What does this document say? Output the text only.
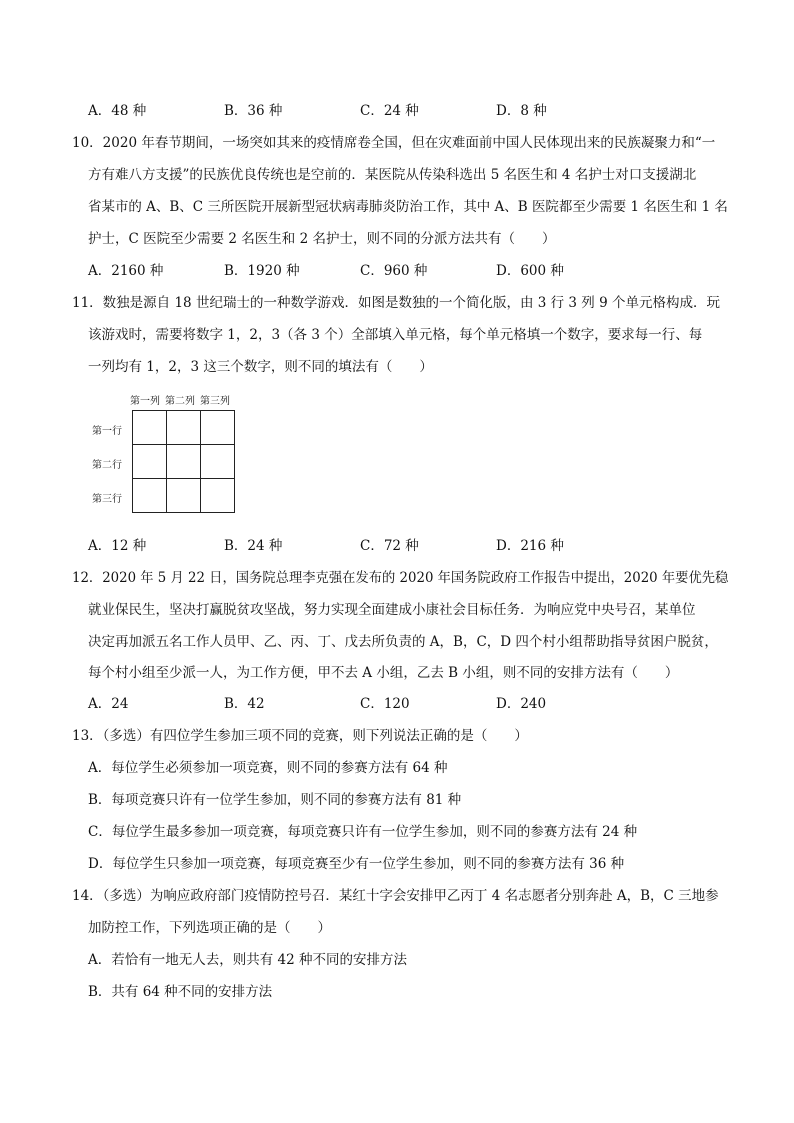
A．48 种	B．36 种	C．24 种	D．8 种
10．2020 年春节期间，一场突如其来的疫情席卷全国，但在灾难面前中国人民体现出来的民族凝聚力和“一
方有难八方支援”的民族优良传统也是空前的．某医院从传染科选出 5 名医生和 4 名护士对口支援湖北
省某市的 A、B、C 三所医院开展新型冠状病毒肺炎防治工作，其中 A、B 医院都至少需要 1 名医生和 1 名
护士，C 医院至少需要 2 名医生和 2 名护士，则不同的分派方法共有（　　）
A．2160 种	B．1920 种	C．960 种	D．600 种
11．数独是源自 18 世纪瑞士的一种数学游戏．如图是数独的一个简化版，由 3 行 3 列 9 个单元格构成．玩
该游戏时，需要将数字 1，2，3（各 3 个）全部填入单元格，每个单元格填一个数字，要求每一行、每
一列均有 1，2，3 这三个数字，则不同的填法有（　　）
第一列 第二列 第三列
第一行
第二行
第三行
A．12 种	B．24 种	C．72 种	D．216 种
12．2020 年 5 月 22 日，国务院总理李克强在发布的 2020 年国务院政府工作报告中提出，2020 年要优先稳
就业保民生，坚决打赢脱贫攻坚战，努力实现全面建成小康社会目标任务．为响应党中央号召，某单位
决定再加派五名工作人员甲、乙、丙、丁、戊去所负责的 A，B，C，D 四个村小组帮助指导贫困户脱贫，
每个村小组至少派一人，为工作方便，甲不去 A 小组，乙去 B 小组，则不同的安排方法有（　　）
A．24	B．42	C．120	D．240
13．（多选）有四位学生参加三项不同的竞赛，则下列说法正确的是（　　）
A．每位学生必须参加一项竞赛，则不同的参赛方法有 64 种
B．每项竞赛只许有一位学生参加，则不同的参赛方法有 81 种
C．每位学生最多参加一项竞赛，每项竞赛只许有一位学生参加，则不同的参赛方法有 24 种
D．每位学生只参加一项竞赛，每项竞赛至少有一位学生参加，则不同的参赛方法有 36 种
14．（多选）为响应政府部门疫情防控号召．某红十字会安排甲乙丙丁 4 名志愿者分别奔赴 A，B，C 三地参
加防控工作，下列选项正确的是（　　）
A．若恰有一地无人去，则共有 42 种不同的安排方法
B．共有 64 种不同的安排方法
